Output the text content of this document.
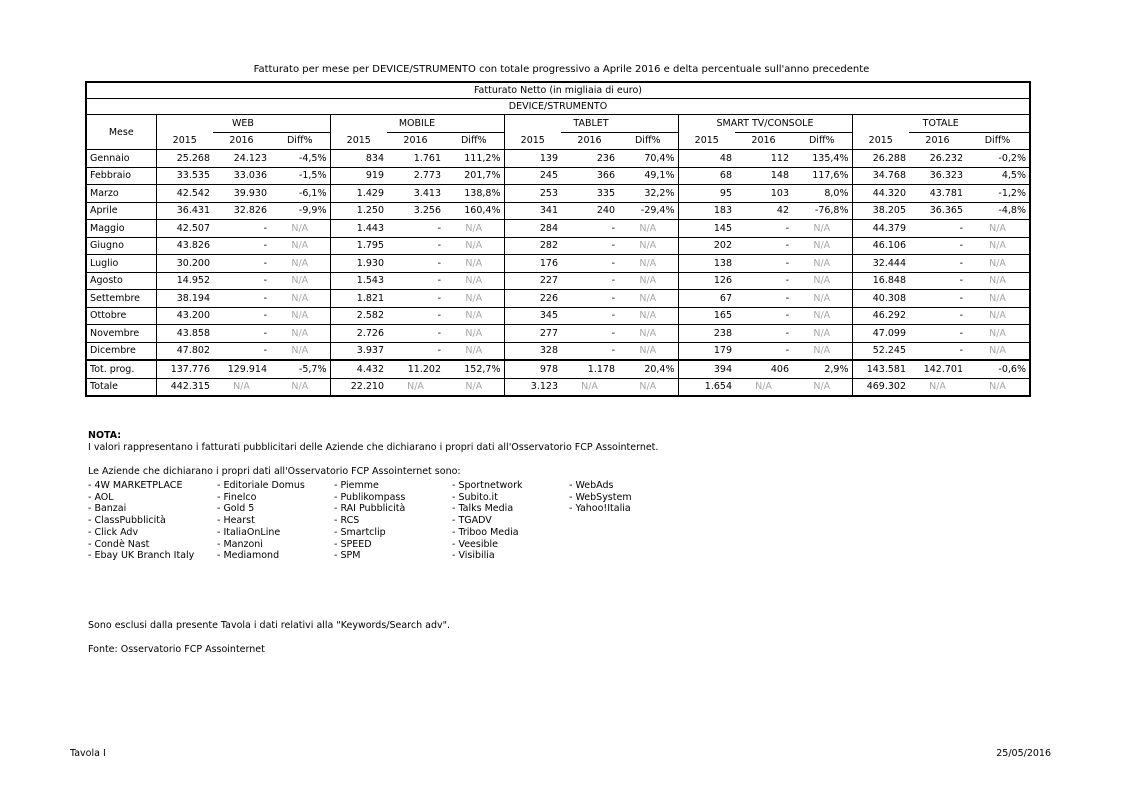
Fatturato per mese per DEVICE/STRUMENTO con totale progressivo a Aprile 2016 e delta percentuale sull'anno precedente
Fatturato Netto (in migliaia di euro)															
DEVICE/STRUMENTO															
Mese	WEB			MOBILE			TABLET			SMART TV/CONSOLE			TOTALE		
	2015	2016	Diff%	2015	2016	Diff%	2015	2016	Diff%	2015	2016	Diff%	2015	2016	Diff%
Gennaio	25.268	24.123	-4,5%	834	1.761	111,2%	139	236	70,4%	48	112	135,4%	26.288	26.232	-0,2%
Febbraio	33.535	33.036	-1,5%	919	2.773	201,7%	245	366	49,1%	68	148	117,6%	34.768	36.323	4,5%
Marzo	42.542	39.930	-6,1%	1.429	3.413	138,8%	253	335	32,2%	95	103	8,0%	44.320	43.781	-1,2%
Aprile	36.431	32.826	-9,9%	1.250	3.256	160,4%	341	240	-29,4%	183	42	-76,8%	38.205	36.365	-4,8%
Maggio	42.507	-	N/A	1.443	-	N/A	284	-	N/A	145	-	N/A	44.379	-	N/A
Giugno	43.826	-	N/A	1.795	-	N/A	282	-	N/A	202	-	N/A	46.106	-	N/A
Luglio	30.200	-	N/A	1.930	-	N/A	176	-	N/A	138	-	N/A	32.444	-	N/A
Agosto	14.952	-	N/A	1.543	-	N/A	227	-	N/A	126	-	N/A	16.848	-	N/A
Settembre	38.194	-	N/A	1.821	-	N/A	226	-	N/A	67	-	N/A	40.308	-	N/A
Ottobre	43.200	-	N/A	2.582	-	N/A	345	-	N/A	165	-	N/A	46.292	-	N/A
Novembre	43.858	-	N/A	2.726	-	N/A	277	-	N/A	238	-	N/A	47.099	-	N/A
Dicembre	47.802	-	N/A	3.937	-	N/A	328	-	N/A	179	-	N/A	52.245	-	N/A
Tot. prog.	137.776	129.914	-5,7%	4.432	11.202	152,7%	978	1.178	20,4%	394	406	2,9%	143.581	142.701	-0,6%
Totale	442.315	N/A	N/A	22.210	N/A	N/A	3.123	N/A	N/A	1.654	N/A	N/A	469.302	N/A	N/A
NOTA:
I valori rappresentano i fatturati pubblicitari delle Aziende che dichiarano i propri dati all'Osservatorio FCP Assointernet.
Le Aziende che dichiarano i propri dati all'Osservatorio FCP Assointernet sono:
- 4W MARKETPLACE
- AOL
- Banzai
- ClassPubblicità
- Click Adv
- Condè Nast
- Ebay UK Branch Italy
- Editoriale Domus
- Finelco
- Gold 5
- Hearst
- ItaliaOnLine
- Manzoni
- Mediamond
- Piemme
- Publikompass
- RAI Pubblicità
- RCS
- Smartclip
- SPEED
- SPM
- Sportnetwork
- Subito.it
- Talks Media
- TGADV
- Triboo Media
- Veesible
- Visibilia
- WebAds
- WebSystem
- Yahoo!Italia
Sono esclusi dalla presente Tavola i dati relativi alla "Keywords/Search adv".
Fonte: Osservatorio FCP Assointernet
Tavola I	25/05/2016
